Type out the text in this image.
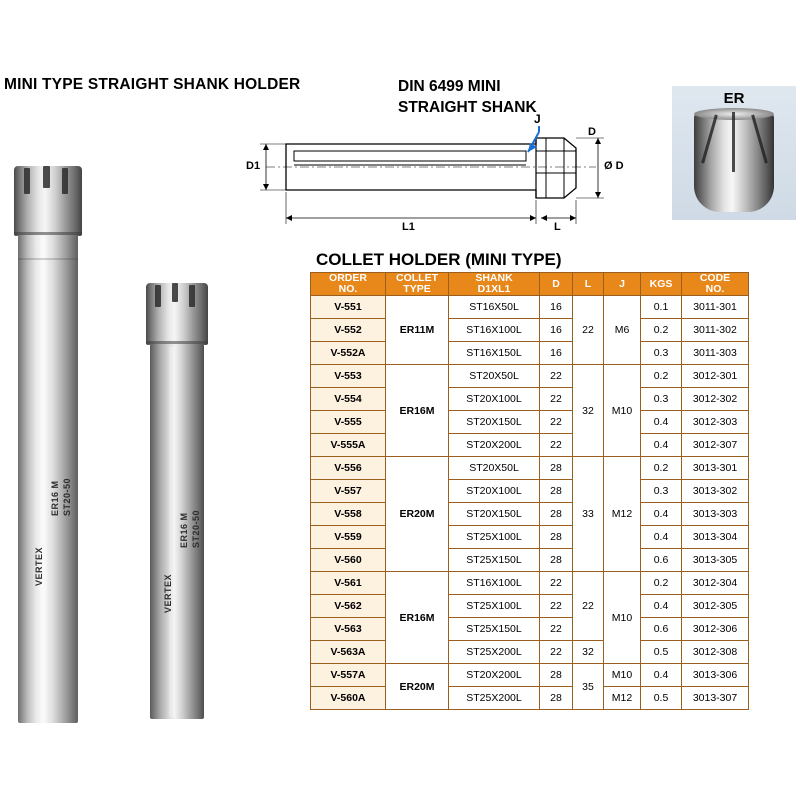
MINI TYPE STRAIGHT SHANK HOLDER	DIN 6499 MINI
STRAIGHT SHANK
COLLET HOLDER (MINI TYPE)
VERTEX
ER16 M ST20-50
VERTEX
ER16 M ST20-50
ER
D1	Ø D
D
L1	L
J
ORDER
NO.

COLLET
TYPE

SHANK
D1XL1	D	L	J	KGS	CODE
NO.

V-551	ER11M	ST16X50L	16	22	M6	0.1	3011-301
V-552		ST16X100L	16			0.2	3011-302
V-552A		ST16X150L	16			0.3	3011-303
V-553	ER16M	ST20X50L	22	32	M10	0.2	3012-301
V-554		ST20X100L	22			0.3	3012-302
V-555		ST20X150L	22			0.4	3012-303
V-555A		ST20X200L	22			0.4	3012-307
V-556	ER20M	ST20X50L	28	33	M12	0.2	3013-301
V-557		ST20X100L	28			0.3	3013-302
V-558		ST20X150L	28			0.4	3013-303
V-559		ST25X100L	28			0.4	3013-304
V-560		ST25X150L	28			0.6	3013-305
V-561	ER16M	ST16X100L	22	22	M10	0.2	3012-304
V-562		ST25X100L	22			0.4	3012-305
V-563		ST25X150L	22			0.6	3012-306
V-563A		ST25X200L	22	32		0.5	3012-308
V-557A	ER20M	ST20X200L	28	35	M10	0.4	3013-306
V-560A		ST25X200L	28		M12	0.5	3013-307
